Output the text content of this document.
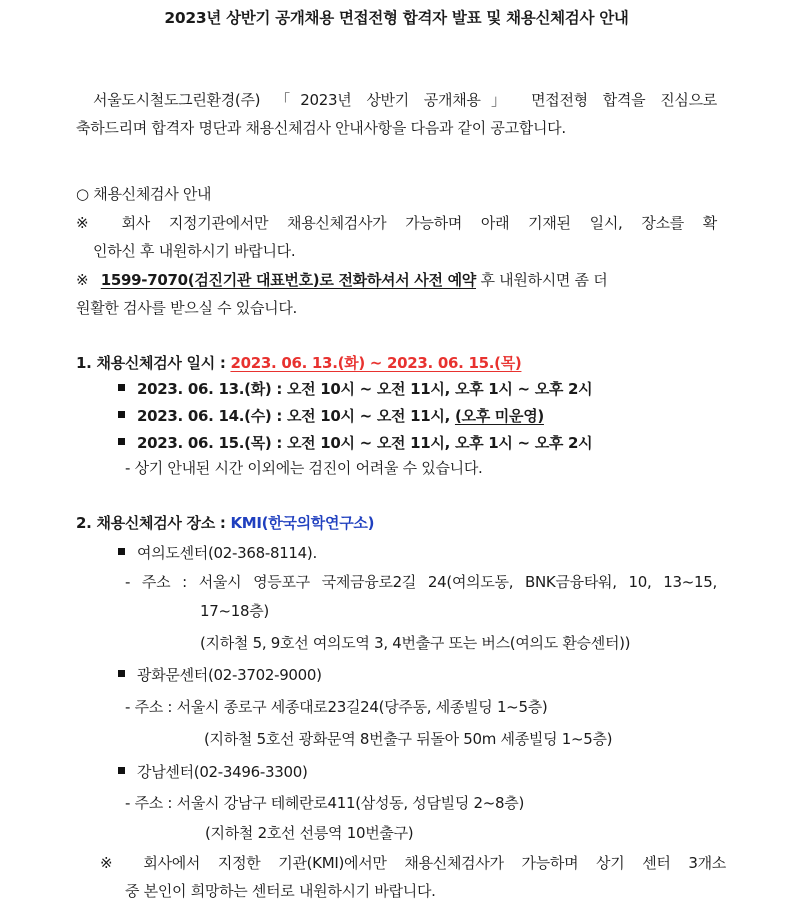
2023년 상반기 공개채용 면접전형 합격자 발표 및 채용신체검사 안내
서울도시철도그린환경(주) 「2023년 상반기 공개채용」 면접전형 합격을 진심으로
축하드리며 합격자 명단과 채용신체검사 안내사항을 다음과 같이 공고합니다.
○ 채용신체검사 안내
※ 회사 지정기관에서만 채용신체검사가 가능하며 아래 기재된 일시, 장소를 확
인하신 후 내원하시기 바랍니다.
※ 1599-7070(검진기관 대표번호)로 전화하셔서 사전 예약 후 내원하시면 좀 더
원활한 검사를 받으실 수 있습니다.
1. 채용신체검사 일시 : 2023. 06. 13.(화) ~ 2023. 06. 15.(목)
2023. 06. 13.(화) : 오전 10시 ~ 오전 11시, 오후 1시 ~ 오후 2시
2023. 06. 14.(수) : 오전 10시 ~ 오전 11시, (오후 미운영)
2023. 06. 15.(목) : 오전 10시 ~ 오전 11시, 오후 1시 ~ 오후 2시
- 상기 안내된 시간 이외에는 검진이 어려울 수 있습니다.
2. 채용신체검사 장소 : KMI(한국의학연구소)
여의도센터(02-368-8114).
- 주소 : 서울시 영등포구 국제금융로2길 24(여의도동, BNK금융타워, 10, 13~15,
17~18층)
(지하철 5, 9호선 여의도역 3, 4번출구 또는 버스(여의도 환승센터))
광화문센터(02-3702-9000)
- 주소 : 서울시 종로구 세종대로23길24(당주동, 세종빌딩 1~5층)
(지하철 5호선 광화문역 8번출구 뒤돌아 50m 세종빌딩 1~5층)
강남센터(02-3496-3300)
- 주소 : 서울시 강남구 테헤란로411(삼성동, 성담빌딩 2~8층)
(지하철 2호선 선릉역 10번출구)
※ 회사에서 지정한 기관(KMI)에서만 채용신체검사가 가능하며 상기 센터 3개소
중 본인이 희망하는 센터로 내원하시기 바랍니다.
